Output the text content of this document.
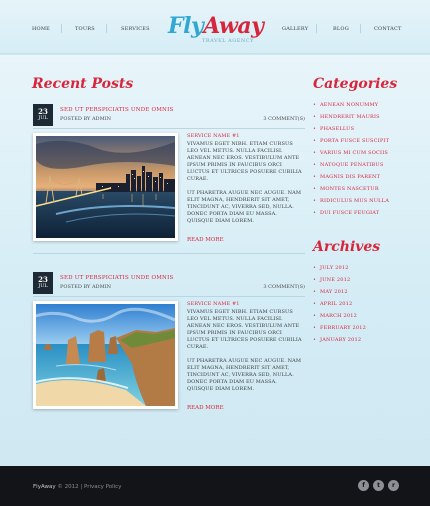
HOME	TOURS	SERVICES FlyAway
TRAVEL AGENCY
GALLERY	BLOG	CONTACT
Recent Posts
23
JUL
SED UT PERSPICIATIS UNDE OMNIS
POSTED BY ADMIN	3 COMMENT(S)
SERVICE NAME #1
VIVAMUS EGET NIBH. ETIAM CURSUS LEO VEL METUS. NULLA FACILISI. AENEAN NEC EROS. VESTIBULUM ANTE IPSUM PRIMIS IN FAUCIBUS ORCI LUCTUS ET ULTRICES POSUERE CUBILIA CURAE.
UT PHARETRA AUGUE NEC AUGUE. NAM ELIT MAGNA, HENDRERIT SIT AMET, TINCIDUNT AC, VIVERRA SED, NULLA. DONEC PORTA DIAM EU MASSA. QUISQUE DIAM LOREM.
READ MORE
23
JUL
SED UT PERSPICIATIS UNDE OMNIS
POSTED BY ADMIN	3 COMMENT(S)
SERVICE NAME #1
VIVAMUS EGET NIBH. ETIAM CURSUS LEO VEL METUS. NULLA FACILISI. AENEAN NEC EROS. VESTIBULUM ANTE IPSUM PRIMIS IN FAUCIBUS ORCI LUCTUS ET ULTRICES POSUERE CUBILIA CURAE.
UT PHARETRA AUGUE NEC AUGUE. NAM ELIT MAGNA, HENDRERIT SIT AMET, TINCIDUNT AC, VIVERRA SED, NULLA. DONEC PORTA DIAM EU MASSA. QUISQUE DIAM LOREM.
READ MORE
Categories
• AENEAN NONUMMY
• HENDRERIT MAURIS
• PHASELLUS
• PORTA FUSCE SUSCIPIT
• VARIUS MI CUM SOCIIS
• NATOQUE PENATIBUS
• MAGNIS DIS PARENT
• MONTES NASCETUR
• RIDICULUS MUS NULLA
• DUI FUSCE FEUGIAT
Archives
• JULY 2012
• JUNE 2012
• MAY 2012
• APRIL 2012
• MARCH 2012
• FEBRUARY 2012
• JANUARY 2012
FlyAway © 2012 | Privacy Policy	f	t	r
